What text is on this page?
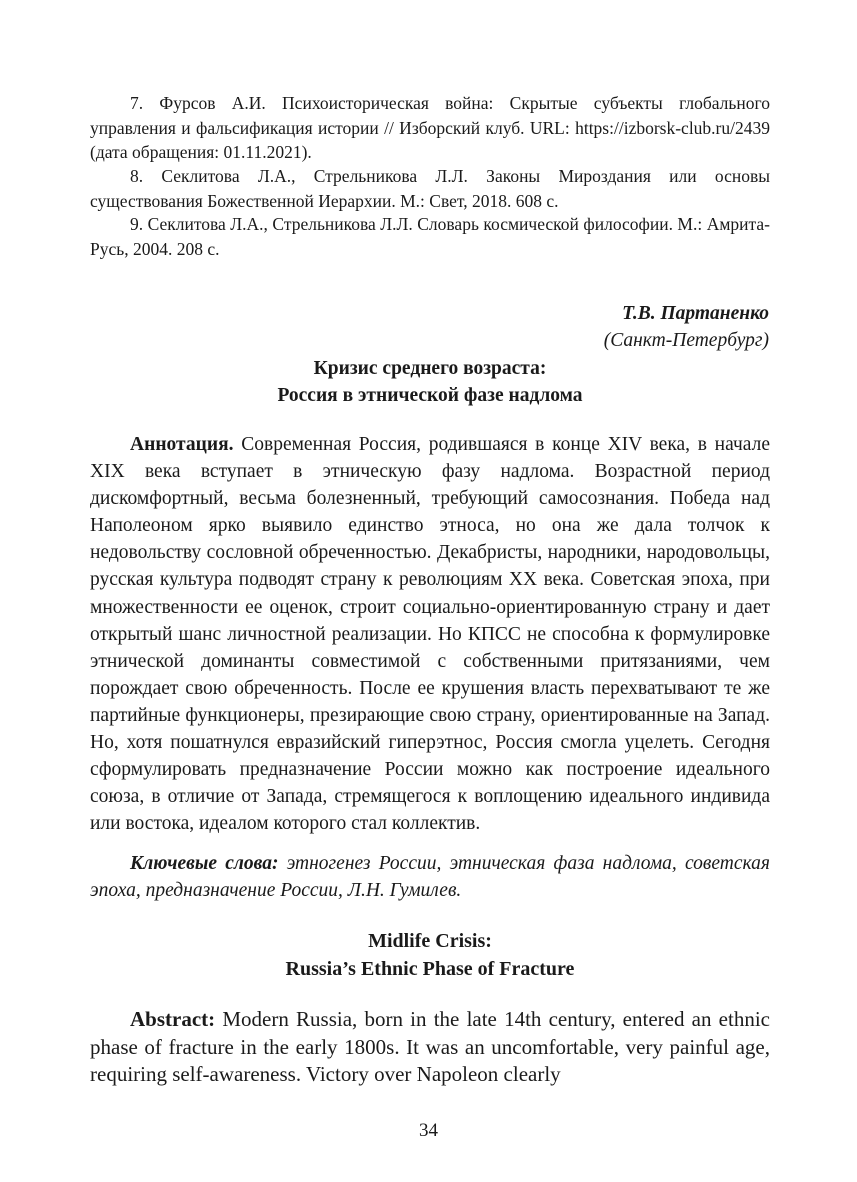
7. Фурсов А.И. Психоисторическая война: Скрытые субъекты глобального управления и фальсификация истории // Изборский клуб. URL: https://izborsk-club.ru/2439 (дата обращения: 01.11.2021).

8. Секлитова Л.А., Стрельникова Л.Л. Законы Мироздания или основы существования Божественной Иерархии. М.: Свет, 2018. 608 с.

9. Секлитова Л.А., Стрельникова Л.Л. Словарь космической философии. М.: Амрита-Русь, 2004. 208 с.

Т.В. Партаненко
(Санкт-Петербург)
Кризис среднего возраста:
Россия в этнической фазе надлома

Аннотация. Современная Россия, родившаяся в конце XIV века, в начале XIX века вступает в этническую фазу надлома. Возрастной период дискомфортный, весьма болезненный, требующий самосознания. Победа над Наполеоном ярко выявило единство этноса, но она же дала толчок к недовольству сословной обреченностью. Декабристы, народники, народовольцы, русская культура подводят страну к революциям XX века. Советская эпоха, при множественности ее оценок, строит социально-ориентированную страну и дает открытый шанс личностной реализации. Но КПСС не способна к формулировке этнической доминанты совместимой с собственными притязаниями, чем порождает свою обреченность. После ее крушения власть перехватывают те же партийные функционеры, презирающие свою страну, ориентированные на Запад. Но, хотя пошатнулся евразийский гиперэтнос, Россия смогла уцелеть. Сегодня сформулировать предназначение России можно как построение идеального союза, в отличие от Запада, стремящегося к воплощению идеального индивида или востока, идеалом которого стал коллектив.

Ключевые слова: этногенез России, этническая фаза надлома, советская эпоха, предназначение России, Л.Н. Гумилев.

Midlife Crisis:
Russia’s Ethnic Phase of Fracture

Abstract: Modern Russia, born in the late 14th century, entered an ethnic phase of fracture in the early 1800s. It was an uncomfortable, very painful age, requiring self-awareness. Victory over Napoleon clearly

34
